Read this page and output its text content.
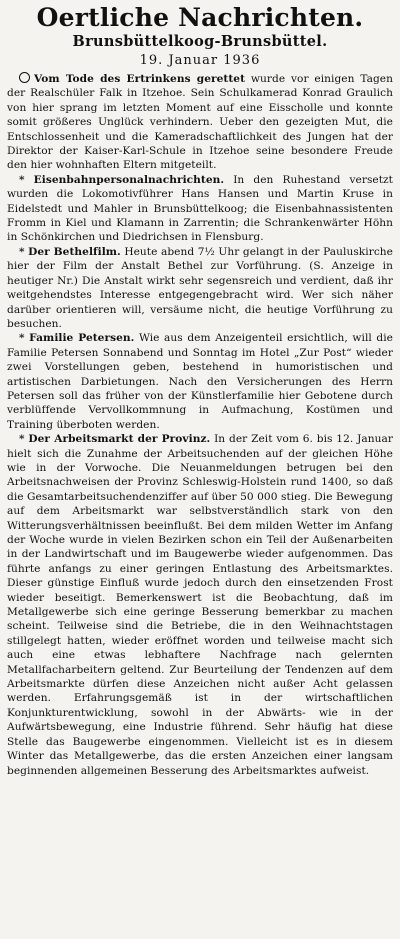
Oertliche Nachrichten.
Brunsbüttelkoog-Brunsbüttel.
19. Januar 1936

Vom Tode des Ertrinkens gerettet wurde vor einigen Tagen der Realschüler Falk in Itzehoe. Sein Schulkamerad Konrad Graulich von hier sprang im letzten Moment auf eine Eisscholle und konnte somit größeres Unglück verhindern. Ueber den gezeigten Mut, die Entschlossenheit und die Kameradschaftlichkeit des Jungen hat der Direktor der Kaiser-Karl-Schule in Itzehoe seine besondere Freude den hier wohnhaften Eltern mitgeteilt.

* Eisenbahnpersonalnachrichten. In den Ruhestand versetzt wurden die Lokomotivführer Hans Hansen und Martin Kruse in Eidelstedt und Mahler in Brunsbüttelkoog; die Eisenbahnassistenten Fromm in Kiel und Klamann in Zarrentin; die Schrankenwärter Höhn in Schönkirchen und Diedrichsen in Flensburg.

* Der Bethelfilm. Heute abend 7½ Uhr gelangt in der Pauluskirche hier der Film der Anstalt Bethel zur Vorführung. (S. Anzeige in heutiger Nr.) Die Anstalt wirkt sehr segensreich und verdient, daß ihr weitgehendstes Interesse entgegengebracht wird. Wer sich näher darüber orientieren will, versäume nicht, die heutige Vorführung zu besuchen.

* Familie Petersen. Wie aus dem Anzeigenteil ersichtlich, will die Familie Petersen Sonnabend und Sonntag im Hotel „Zur Post“ wieder zwei Vorstellungen geben, bestehend in humoristischen und artistischen Darbietungen. Nach den Versicherungen des Herrn Petersen soll das früher von der Künstlerfamilie hier Gebotene durch verblüffende Vervollkommnung in Aufmachung, Kostümen und Training überboten werden.

* Der Arbeitsmarkt der Provinz. In der Zeit vom 6. bis 12. Januar hielt sich die Zunahme der Arbeitsuchenden auf der gleichen Höhe wie in der Vorwoche. Die Neuanmeldungen betrugen bei den Arbeitsnachweisen der Provinz Schleswig-Holstein rund 1400, so daß die Gesamtarbeitsuchendenziffer auf über 50 000 stieg. Die Bewegung auf dem Arbeitsmarkt war selbstverständlich stark von den Witterungsverhältnissen beeinflußt. Bei dem milden Wetter im Anfang der Woche wurde in vielen Bezirken schon ein Teil der Außenarbeiten in der Landwirtschaft und im Baugewerbe wieder aufgenommen. Das führte anfangs zu einer geringen Entlastung des Arbeitsmarktes. Dieser günstige Einfluß wurde jedoch durch den einsetzenden Frost wieder beseitigt. Bemerkenswert ist die Beobachtung, daß im Metallgewerbe sich eine geringe Besserung bemerkbar zu machen scheint. Teilweise sind die Betriebe, die in den Weihnachtstagen stillgelegt hatten, wieder eröffnet worden und teilweise macht sich auch eine etwas lebhaftere Nachfrage nach gelernten Metallfacharbeitern geltend. Zur Beurteilung der Tendenzen auf dem Arbeitsmarkte dürfen diese Anzeichen nicht außer Acht gelassen werden. Erfahrungsgemäß ist in der wirtschaftlichen Konjunkturentwicklung, sowohl in der Abwärts- wie in der Aufwärtsbewegung, eine Industrie führend. Sehr häufig hat diese Stelle das Baugewerbe eingenommen. Vielleicht ist es in diesem Winter das Metallgewerbe, das die ersten Anzeichen einer langsam beginnenden allgemeinen Besserung des Arbeitsmarktes aufweist.
